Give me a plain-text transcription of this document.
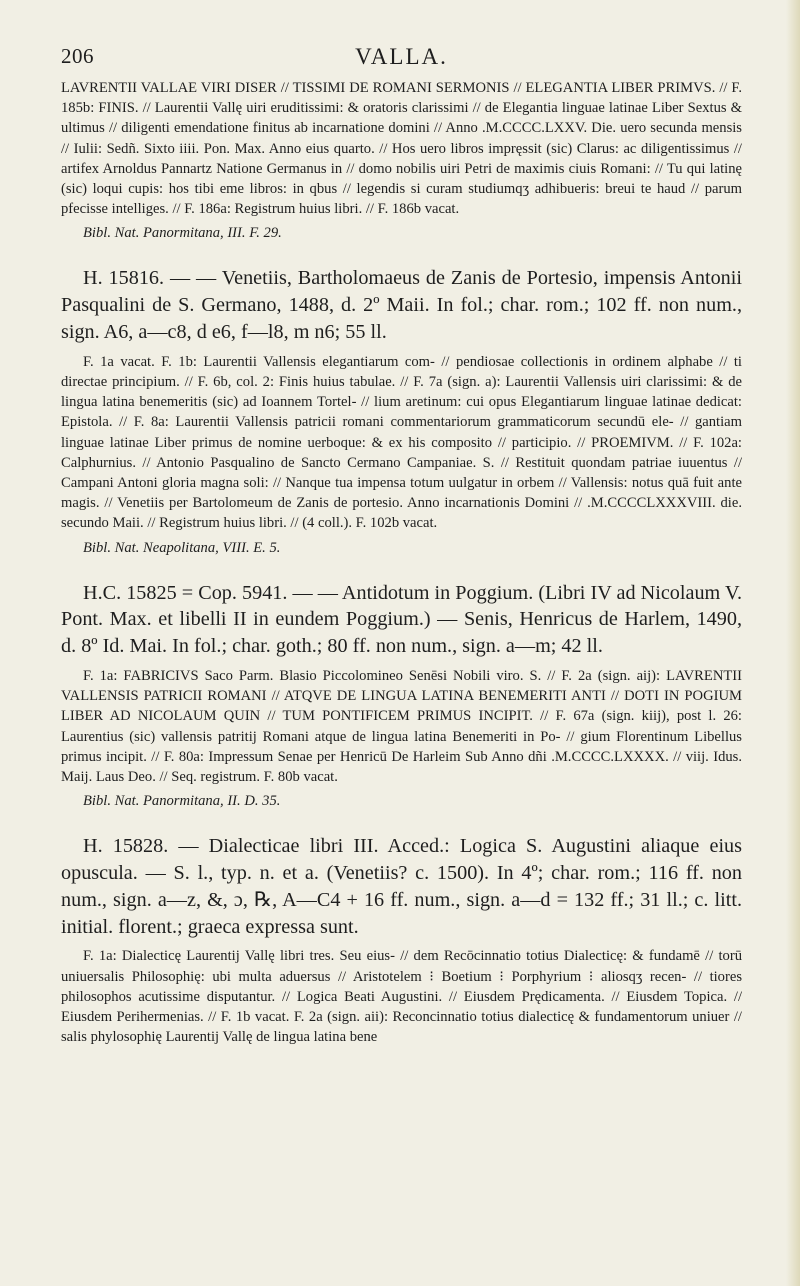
206	VALLA.

LAVRENTII VALLAE VIRI DISER // TISSIMI DE ROMANI SERMONIS // ELEGANTIA LIBER PRIMVS. // F. 185b: FINIS. // Laurentii Vallę uiri eruditissimi: & oratoris clarissimi // de Elegantia linguae latinae Liber Sextus & ultimus // diligenti emendatione finitus ab incarnatione domini // Anno .M.CCCC.LXXV. Die. uero secunda mensis // Iulii: Sedñ. Sixto iiii. Pon. Max. Anno eius quarto. // Hos uero libros impręssit (sic) Clarus: ac diligentissimus // artifex Arnoldus Pannartz Natione Germanus in // domo nobilis uiri Petri de maximis ciuis Romani: // Tu qui latinę (sic) loqui cupis: hos tibi eme libros: in qbus // legendis si curam studiumqʒ adhibueris: breui te haud // parum pfecisse intelliges. // F. 186a: Registrum huius libri. // F. 186b vacat.

Bibl. Nat. Panormitana, III. F. 29.

H. 15816. — — Venetiis, Bartholomaeus de Zanis de Portesio, impensis Antonii Pasqualini de S. Germano, 1488, d. 2º Maii. In fol.; char. rom.; 102 ff. non num., sign. A6, a—c8, d e6, f—l8, m n6; 55 ll.

F. 1a vacat. F. 1b: Laurentii Vallensis elegantiarum com- // pendiosae collectionis in ordinem alphabe // ti directae principium. // F. 6b, col. 2: Finis huius tabulae. // F. 7a (sign. a): Laurentii Vallensis uiri clarissimi: & de lingua latina benemeritis (sic) ad Ioannem Tortel- // lium aretinum: cui opus Elegantiarum linguae latinae dedicat: Epistola. // F. 8a: Laurentii Vallensis patricii romani commentariorum grammaticorum secundū ele- // gantiam linguae latinae Liber primus de nomine uerboque: & ex his composito // participio. // PROEMIVM. // F. 102a: Calphurnius. // Antonio Pasqualino de Sancto Cermano Campaniae. S. // Restituit quondam patriae iuuentus // Campani Antoni gloria magna soli: // Nanque tua impensa totum uulgatur in orbem // Vallensis: notus quā fuit ante magis. // Venetiis per Bartolomeum de Zanis de portesio. Anno incarnationis Domini // .M.CCCCLXXXVIII. die. secundo Maii. // Registrum huius libri. // (4 coll.). F. 102b vacat.

Bibl. Nat. Neapolitana, VIII. E. 5.

H.C. 15825 = Cop. 5941. — — Antidotum in Poggium. (Libri IV ad Nicolaum V. Pont. Max. et libelli II in eundem Poggium.) — Senis, Henricus de Harlem, 1490, d. 8º Id. Mai. In fol.; char. goth.; 80 ff. non num., sign. a—m; 42 ll.

F. 1a: FABRICIVS Saco Parm. Blasio Piccolomineo Senēsi Nobili viro. S. // F. 2a (sign. aij): LAVRENTII VALLENSIS PATRICII ROMANI // ATQVE DE LINGUA LATINA BENEMERITI ANTI // DOTI IN POGIUM LIBER AD NICOLAUM QUIN // TUM PONTIFICEM PRIMUS INCIPIT. // F. 67a (sign. kiij), post l. 26: Laurentius (sic) vallensis patritij Romani atque de lingua latina Benemeriti in Po- // gium Florentinum Libellus primus incipit. // F. 80a: Impressum Senae per Henricū De Harleim Sub Anno dñi .M.CCCC.LXXXX. // viij. Idus. Maij. Laus Deo. // Seq. registrum. F. 80b vacat.

Bibl. Nat. Panormitana, II. D. 35.

H. 15828. — Dialecticae libri III. Acced.: Logica S. Augustini aliaque eius opuscula. — S. l., typ. n. et a. (Venetiis? c. 1500). In 4º; char. rom.; 116 ff. non num., sign. a—z, &, ɔ, ℞, A—C4 + 16 ff. num., sign. a—d = 132 ff.; 31 ll.; c. litt. initial. florent.; graeca expressa sunt.

F. 1a: Dialecticę Laurentij Vallę libri tres. Seu eius- // dem Recōcinnatio totius Dialecticę: & fundamē // torū uniuersalis Philosophię: ubi multa aduersus // Aristotelem ⁝ Boetium ⁝ Porphyrium ⁝ aliosqʒ recen- // tiores philosophos acutissime disputantur. // Logica Beati Augustini. // Eiusdem Prędicamenta. // Eiusdem Topica. // Eiusdem Perihermenias. // F. 1b vacat. F. 2a (sign. aii): Reconcinnatio totius dialecticę & fundamentorum uniuer // salis phylosophię Laurentij Vallę de lingua latina bene
